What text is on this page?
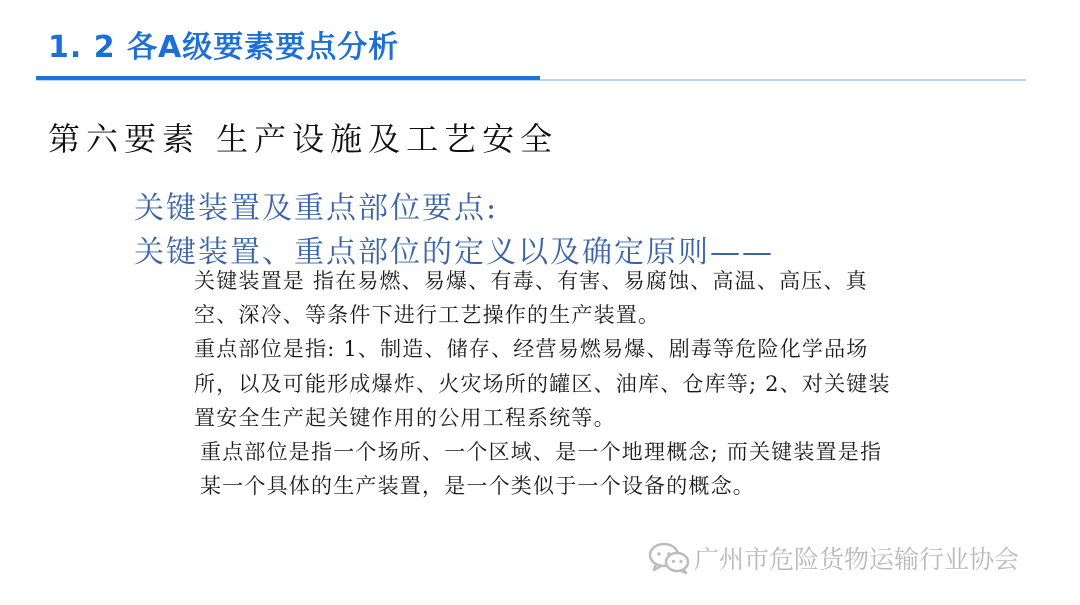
1. 2 各A级要素要点分析
第六要素 生产设施及工艺安全
关键装置及重点部位要点:
关键装置、重点部位的定义以及确定原则——

关键装置是 指在易燃、易爆、有毒、有害、易腐蚀、高温、高压、真空、深冷、等条件下进行工艺操作的生产装置。

重点部位是指: 1、制造、储存、经营易燃易爆、剧毒等危险化学品场所，以及可能形成爆炸、火灾场所的罐区、油库、仓库等; 2、对关键装置安全生产起关键作用的公用工程系统等。

重点部位是指一个场所、一个区域、是一个地理概念; 而关键装置是指某一个具体的生产装置，是一个类似于一个设备的概念。

广州市危险货物运输行业协会
